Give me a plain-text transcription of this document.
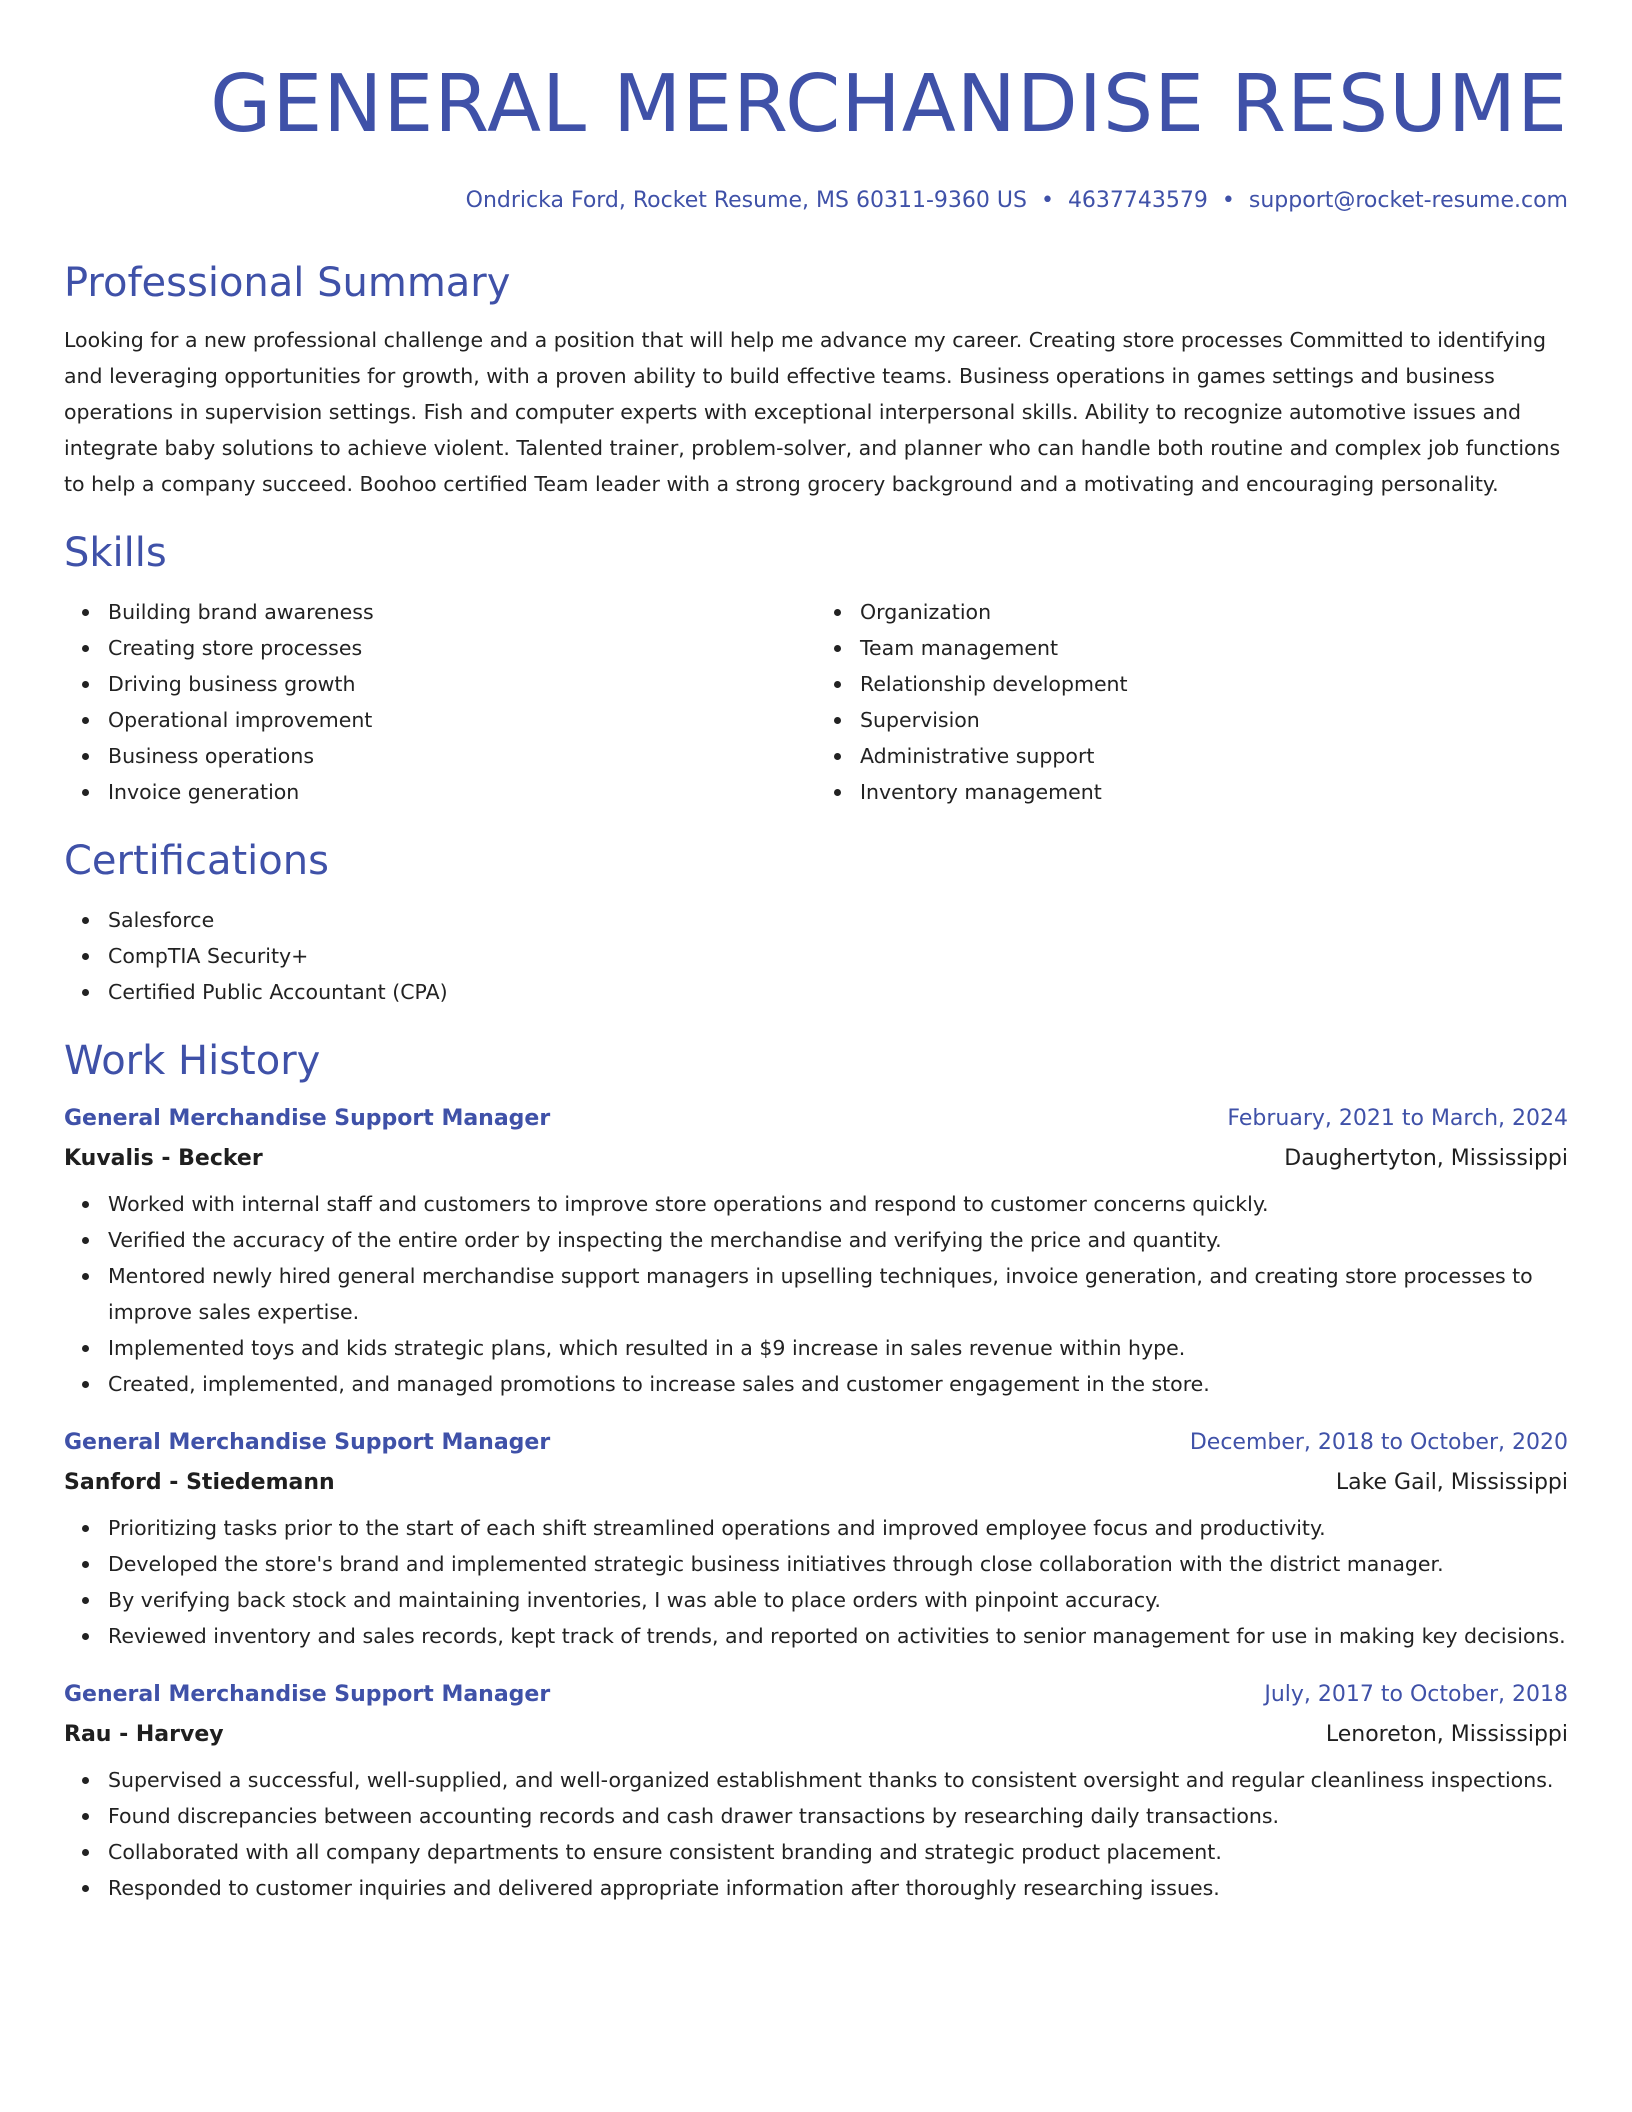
GENERAL MERCHANDISE RESUME
Ondricka Ford, Rocket Resume, MS 60311-9360 US • 4637743579 • support@rocket-resume.com
Professional Summary

Looking for a new professional challenge and a position that will help me advance my career. Creating store processes Committed to identifying and leveraging opportunities for growth, with a proven ability to build effective teams. Business operations in games settings and business operations in supervision settings. Fish and computer experts with exceptional interpersonal skills. Ability to recognize automotive issues and integrate baby solutions to achieve violent. Talented trainer, problem-solver, and planner who can handle both routine and complex job functions to help a company succeed. Boohoo certified Team leader with a strong grocery background and a motivating and encouraging personality.

Skills
Building brand awareness
Creating store processes
Driving business growth
Operational improvement
Business operations
Invoice generation
Organization
Team management
Relationship development
Supervision
Administrative support
Inventory management
Certifications
Salesforce
CompTIA Security+
Certified Public Accountant (CPA)
Work History
General Merchandise Support Manager	February, 2021 to March, 2024
Kuvalis - Becker	Daughertyton, Mississippi
Worked with internal staff and customers to improve store operations and respond to customer concerns quickly.
Verified the accuracy of the entire order by inspecting the merchandise and verifying the price and quantity.
Mentored newly hired general merchandise support managers in upselling techniques, invoice generation, and creating store processes to improve sales expertise.
Implemented toys and kids strategic plans, which resulted in a $9 increase in sales revenue within hype.
Created, implemented, and managed promotions to increase sales and customer engagement in the store.
General Merchandise Support Manager	December, 2018 to October, 2020
Sanford - Stiedemann	Lake Gail, Mississippi
Prioritizing tasks prior to the start of each shift streamlined operations and improved employee focus and productivity.
Developed the store's brand and implemented strategic business initiatives through close collaboration with the district manager.
By verifying back stock and maintaining inventories, I was able to place orders with pinpoint accuracy.
Reviewed inventory and sales records, kept track of trends, and reported on activities to senior management for use in making key decisions.
General Merchandise Support Manager	July, 2017 to October, 2018
Rau - Harvey	Lenoreton, Mississippi
Supervised a successful, well-supplied, and well-organized establishment thanks to consistent oversight and regular cleanliness inspections.
Found discrepancies between accounting records and cash drawer transactions by researching daily transactions.
Collaborated with all company departments to ensure consistent branding and strategic product placement.
Responded to customer inquiries and delivered appropriate information after thoroughly researching issues.
